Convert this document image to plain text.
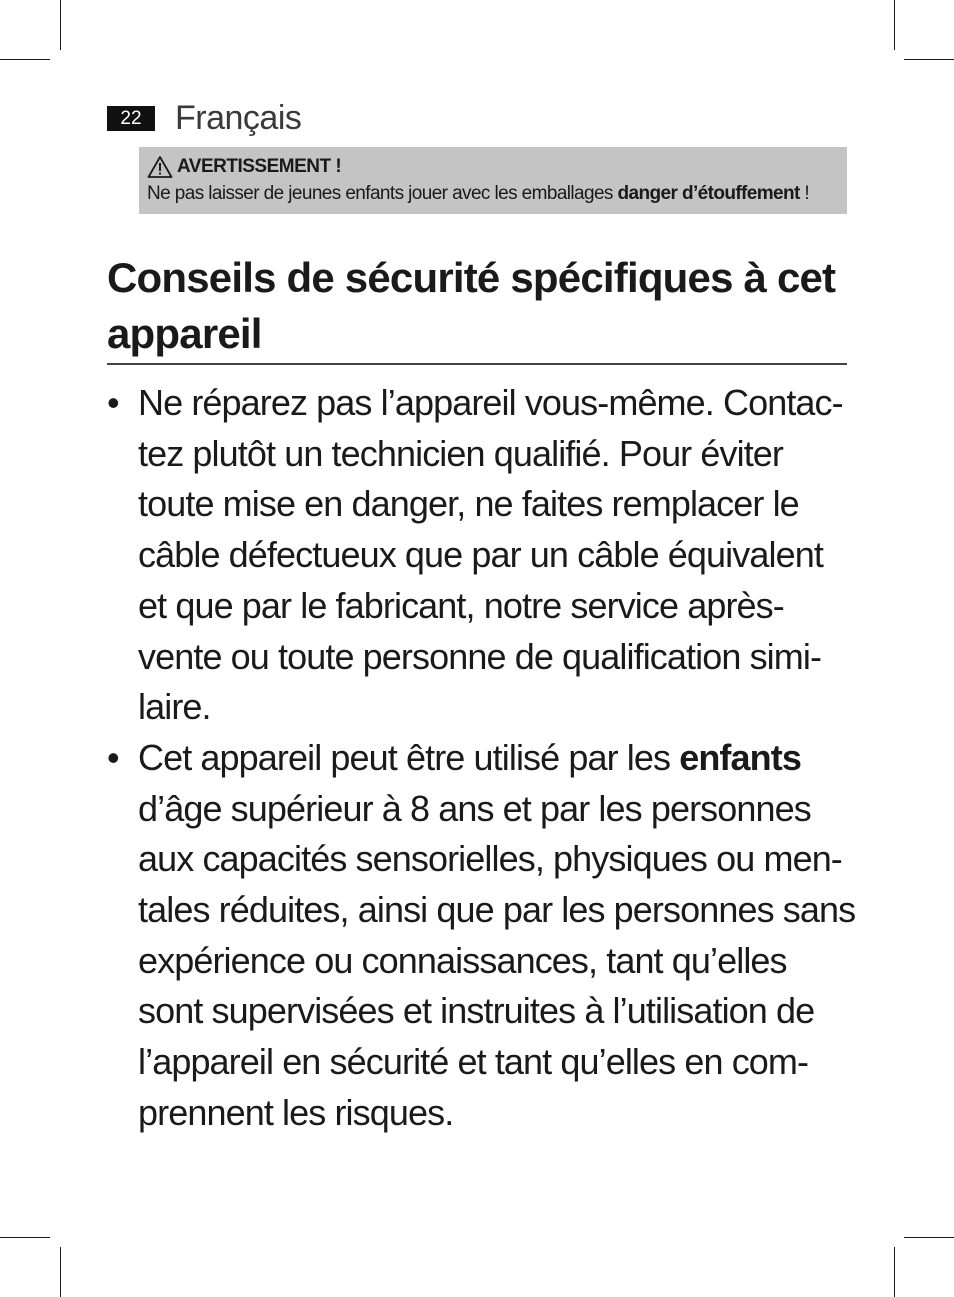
22 Français
AVERTISSEMENT !
Ne pas laisser de jeunes enfants jouer avec les emballages danger d’étouffement !
Conseils de sécurité spécifiques à cet
appareil
• Ne réparez pas l’appareil vous-même. Contac-
tez plutôt un technicien qualifié. Pour éviter
toute mise en danger, ne faites remplacer le
câble défectueux que par un câble équivalent
et que par le fabricant, notre service après-
vente ou toute personne de qualification simi-
laire.
• Cet appareil peut être utilisé par les enfants
d’âge supérieur à 8 ans et par les personnes
aux capacités sensorielles, physiques ou men-
tales réduites, ainsi que par les personnes sans
expérience ou connaissances, tant qu’elles
sont supervisées et instruites à l’utilisation de
l’appareil en sécurité et tant qu’elles en com-
prennent les risques.
